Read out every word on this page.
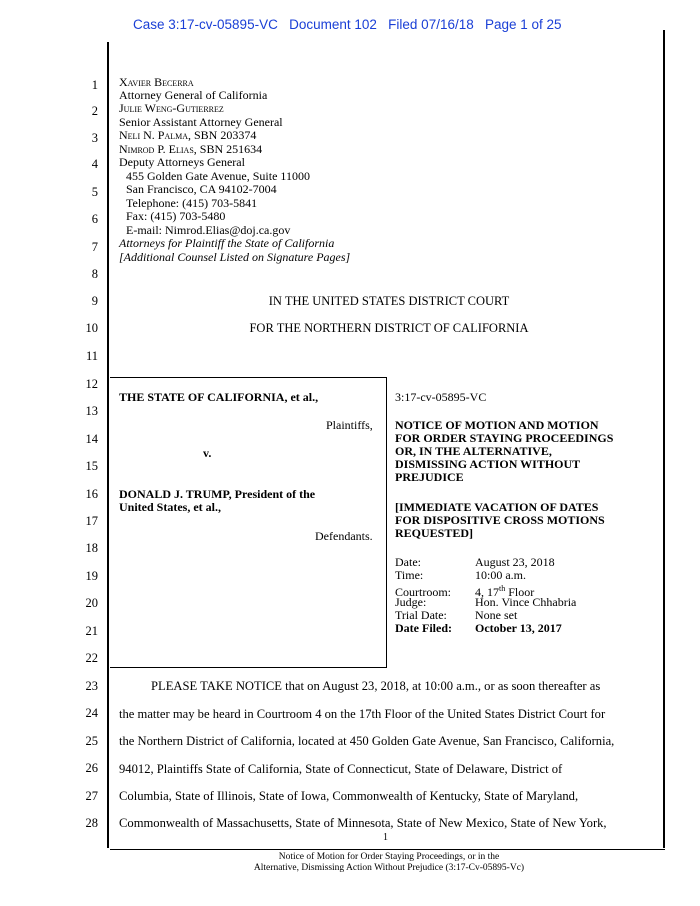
Case 3:17-cv-05895-VC Document 102 Filed 07/16/18 Page 1 of 25
1
2
3
4
5
6
7
8
9
10
11
12
13
14
15
16
17
18
19
20
21
22
23
24
25
26
27
28
Xavier Becerra
Attorney General of California
Julie Weng-Gutierrez
Senior Assistant Attorney General
Neli N. Palma, SBN 203374
Nimrod P. Elias, SBN 251634
Deputy Attorneys General
455 Golden Gate Avenue, Suite 11000
San Francisco, CA 94102-7004
Telephone: (415) 703-5841
Fax: (415) 703-5480
E-mail: Nimrod.Elias@doj.ca.gov
Attorneys for Plaintiff the State of California
[Additional Counsel Listed on Signature Pages]
IN THE UNITED STATES DISTRICT COURT
FOR THE NORTHERN DISTRICT OF CALIFORNIA
THE STATE OF CALIFORNIA, et al.,
Plaintiffs,
v.
DONALD J. TRUMP, President of the
United States, et al.,
Defendants.
3:17-cv-05895-VC
NOTICE OF MOTION AND MOTION
FOR ORDER STAYING PROCEEDINGS
OR, IN THE ALTERNATIVE,
DISMISSING ACTION WITHOUT
PREJUDICE
[IMMEDIATE VACATION OF DATES
FOR DISPOSITIVE CROSS MOTIONS
REQUESTED]
Date:	August 23, 2018
Time:	10:00 a.m.
Courtroom: 4, 17th Floor
Judge:	Hon. Vince Chhabria
Trial Date: None set
Date Filed: October 13, 2017
PLEASE TAKE NOTICE that on August 23, 2018, at 10:00 a.m., or as soon thereafter as
the matter may be heard in Courtroom 4 on the 17th Floor of the United States District Court for
the Northern District of California, located at 450 Golden Gate Avenue, San Francisco, California,
94012, Plaintiffs State of California, State of Connecticut, State of Delaware, District of
Columbia, State of Illinois, State of Iowa, Commonwealth of Kentucky, State of Maryland,
Commonwealth of Massachusetts, State of Minnesota, State of New Mexico, State of New York,
1
Notice of Motion for Order Staying Proceedings, or in the
Alternative, Dismissing Action Without Prejudice (3:17-Cv-05895-Vc)
